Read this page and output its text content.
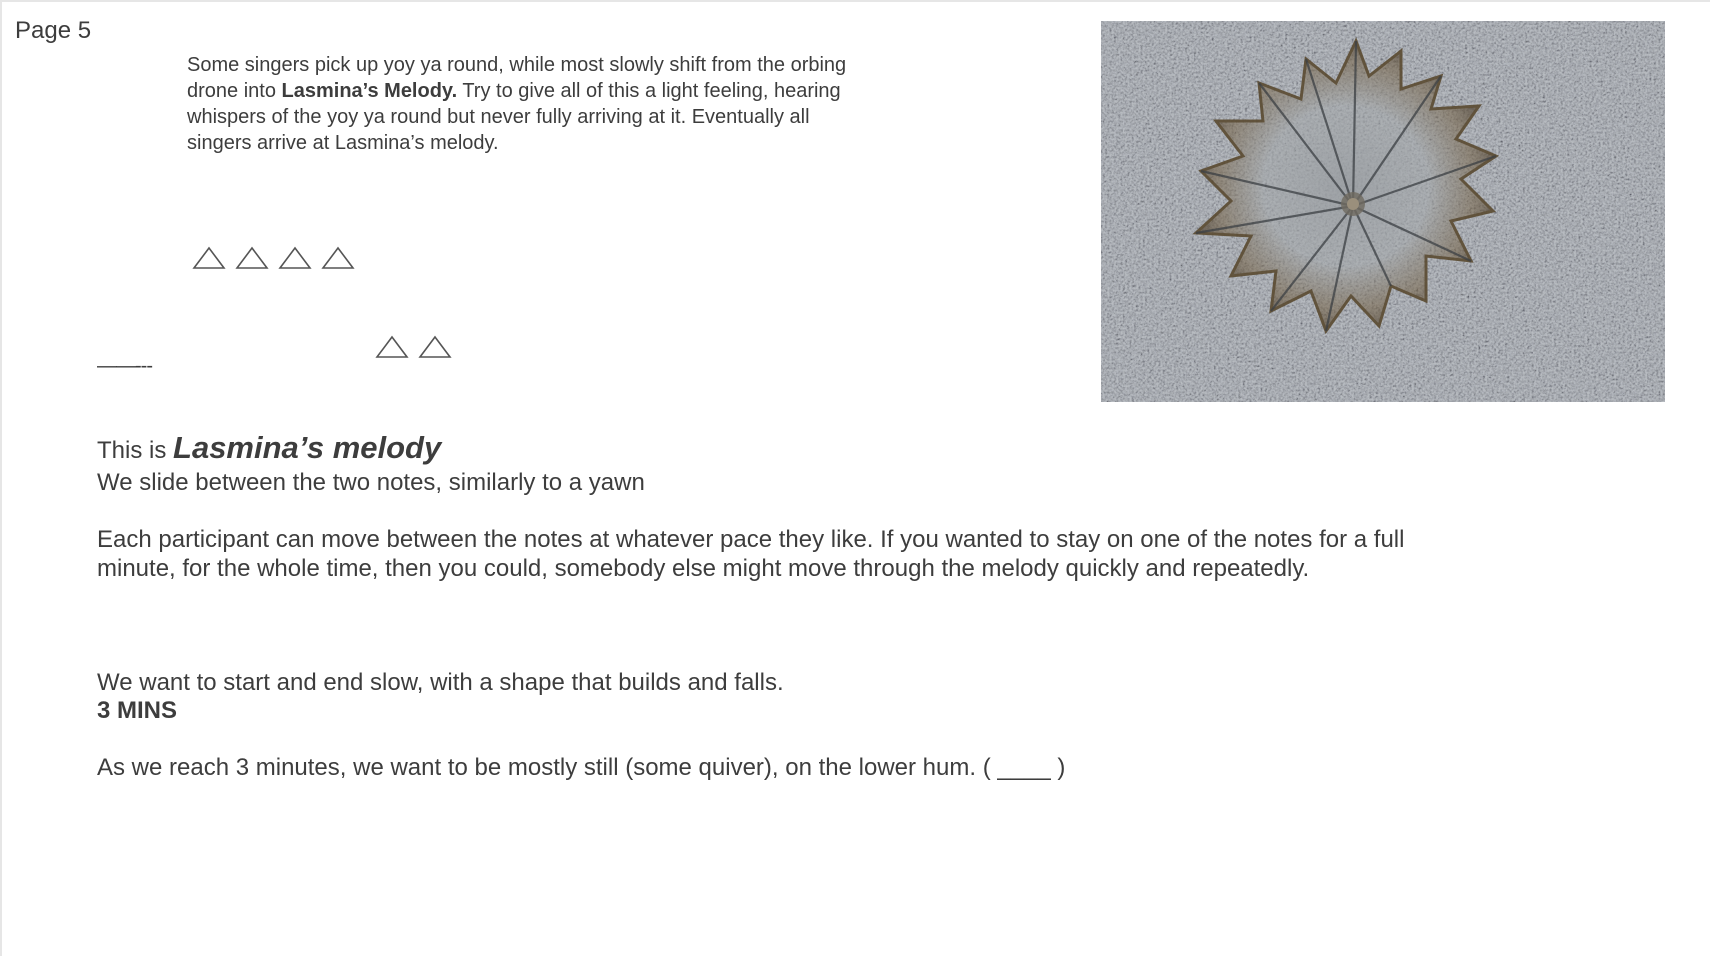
Page 5
Some singers pick up yoy ya round, while most slowly shift from the orbing drone into Lasmina’s Melody. Try to give all of this a light feeling, hearing whispers of the yoy ya round but never fully arriving at it. Eventually all singers arrive at Lasmina’s melody.
——---
This is Lasmina’s melody
We slide between the two notes, similarly to a yawn
Each participant can move between the notes at whatever pace they like. If you wanted to stay on one of the notes for a full minute, for the whole time, then you could, somebody else might move through the melody quickly and repeatedly.
We want to start and end slow, with a shape that builds and falls.
3 MINS
As we reach 3 minutes, we want to be mostly still (some quiver), on the lower hum. ( ____ )
